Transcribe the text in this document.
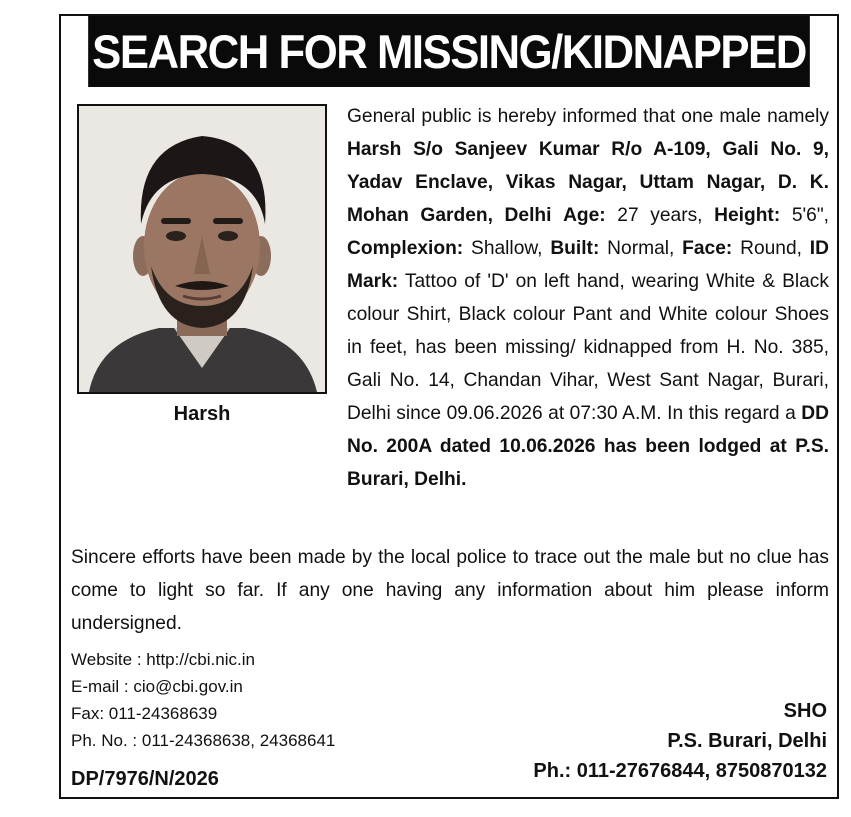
SEARCH FOR MISSING/KIDNAPPED
Harsh

General public is hereby informed that one male namely Harsh S/o Sanjeev Kumar R/o A-109, Gali No. 9, Yadav Enclave, Vikas Nagar, Uttam Nagar, D. K. Mohan Garden, Delhi Age: 27 years, Height: 5'6", Complexion: Shallow, Built: Normal, Face: Round, ID Mark: Tattoo of 'D' on left hand, wearing White & Black colour Shirt, Black colour Pant and White colour Shoes in feet, has been missing/ kidnapped from H. No. 385, Gali No. 14, Chandan Vihar, West Sant Nagar, Burari, Delhi since 09.06.2026 at 07:30 A.M. In this regard a DD No. 200A dated 10.06.2026 has been lodged at P.S. Burari, Delhi.

Sincere efforts have been made by the local police to trace out the male but no clue has come to light so far. If any one having any information about him please inform undersigned.

Website : http://cbi.nic.in
E-mail : cio@cbi.gov.in
Fax: 011-24368639
Ph. No. : 011-24368638, 24368641
SHO
P.S. Burari, Delhi
Ph.: 011-27676844, 8750870132
DP/7976/N/2026
